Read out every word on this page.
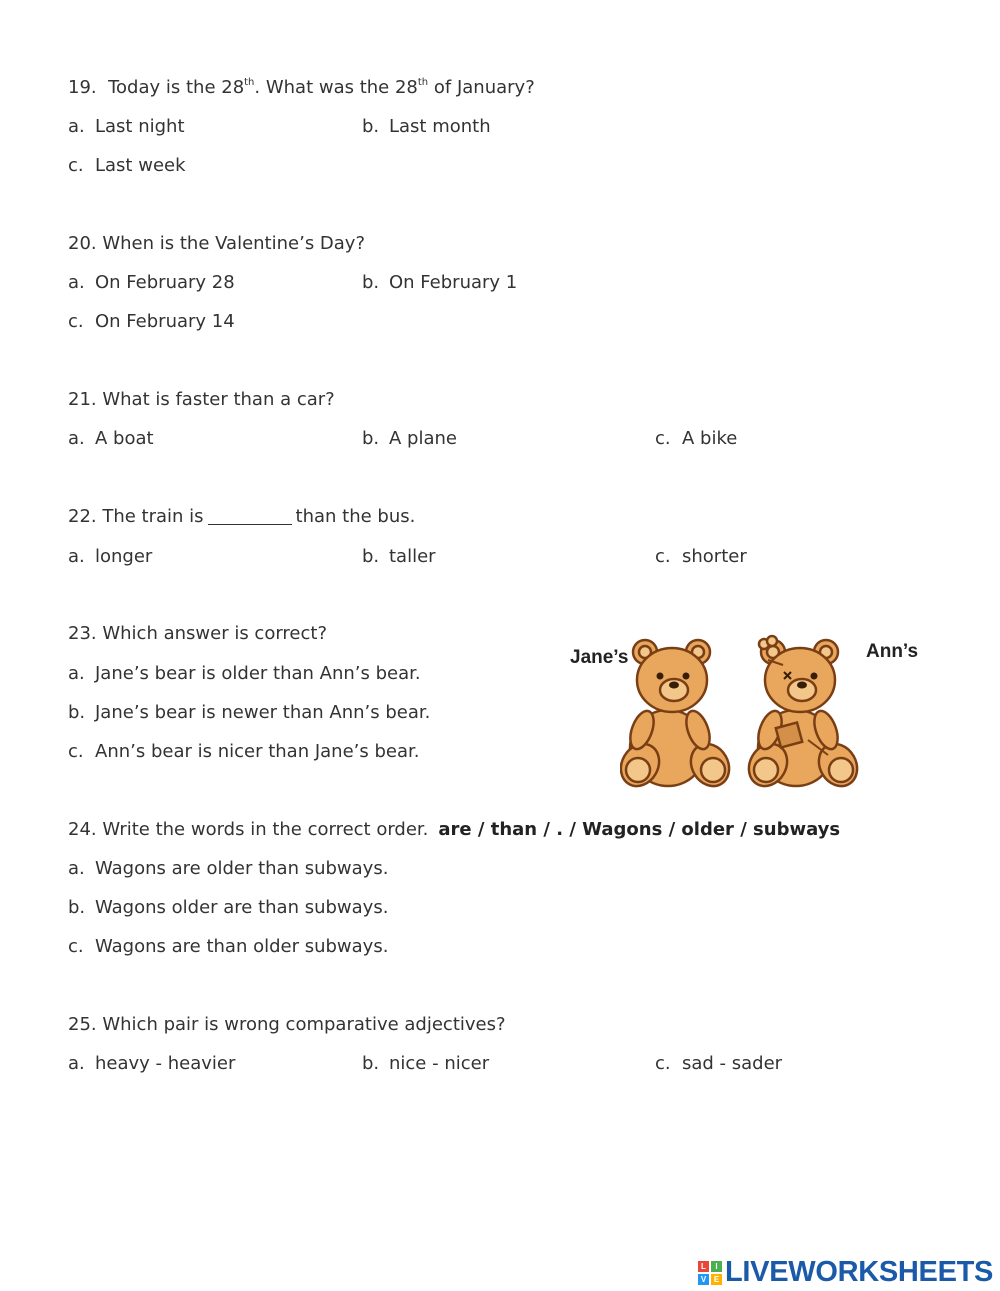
19. Today is the 28th. What was the 28th of January?
a. Last night	b. Last month
c. Last week
20. When is the Valentine’s Day?
a. On February 28	b. On February 1
c. On February 14
21. What is faster than a car?
a. A boat	b. A plane	c. A bike
22. The train is	than the bus.
a. longer	b. taller	c. shorter
23. Which answer is correct?
a. Jane’s bear is older than Ann’s bear.
b. Jane’s bear is newer than Ann’s bear.
c. Ann’s bear is nicer than Jane’s bear.
Jane’s	Ann’s
24. Write the words in the correct order. are / than / . / Wagons / older / subways
a. Wagons are older than subways.
b. Wagons older are than subways.
c. Wagons are than older subways.
25. Which pair is wrong comparative adjectives?
a. heavy - heavier	b. nice - nicer	c. sad - sader
L	I
V E LIVEWORKSHEETS
